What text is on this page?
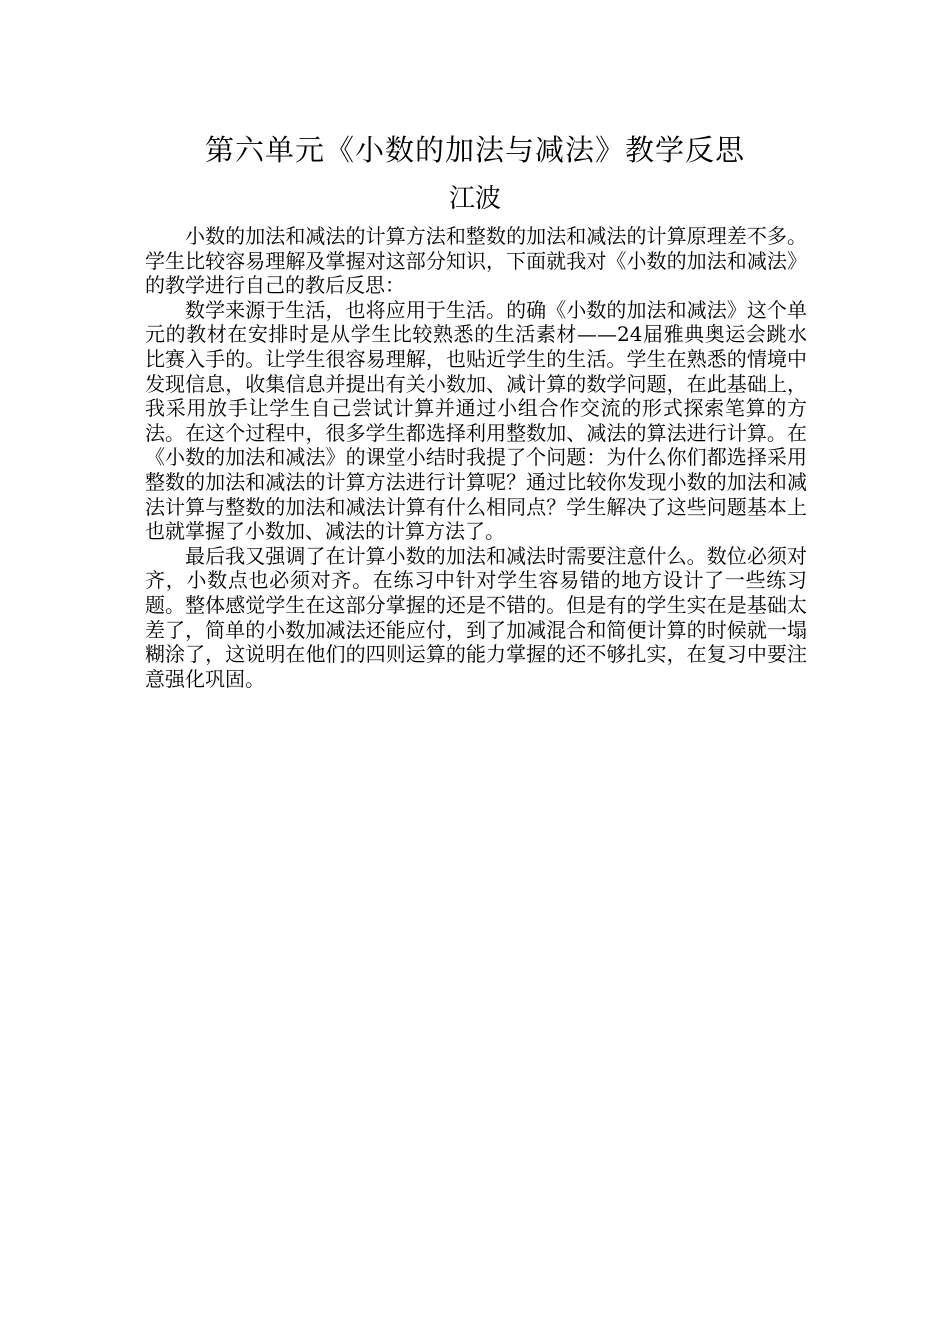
第六单元《小数的加法与减法》教学反思
江波

小数的加法和减法的计算方法和整数的加法和减法的计算原理差不多。学生比较容易理解及掌握对这部分知识，下面就我对《小数的加法和减法》的教学进行自己的教后反思：

数学来源于生活，也将应用于生活。的确《小数的加法和减法》这个单元的教材在安排时是从学生比较熟悉的生活素材——24届雅典奥运会跳水比赛入手的。让学生很容易理解，也贴近学生的生活。学生在熟悉的情境中发现信息，收集信息并提出有关小数加、减计算的数学问题，在此基础上，我采用放手让学生自己尝试计算并通过小组合作交流的形式探索笔算的方法。在这个过程中，很多学生都选择利用整数加、减法的算法进行计算。在《小数的加法和减法》的课堂小结时我提了个问题：为什么你们都选择采用整数的加法和减法的计算方法进行计算呢？通过比较你发现小数的加法和减法计算与整数的加法和减法计算有什么相同点？学生解决了这些问题基本上也就掌握了小数加、减法的计算方法了。

最后我又强调了在计算小数的加法和减法时需要注意什么。数位必须对齐，小数点也必须对齐。在练习中针对学生容易错的地方设计了一些练习题。整体感觉学生在这部分掌握的还是不错的。但是有的学生实在是基础太差了，简单的小数加减法还能应付，到了加减混合和简便计算的时候就一塌糊涂了，这说明在他们的四则运算的能力掌握的还不够扎实，在复习中要注意强化巩固。
